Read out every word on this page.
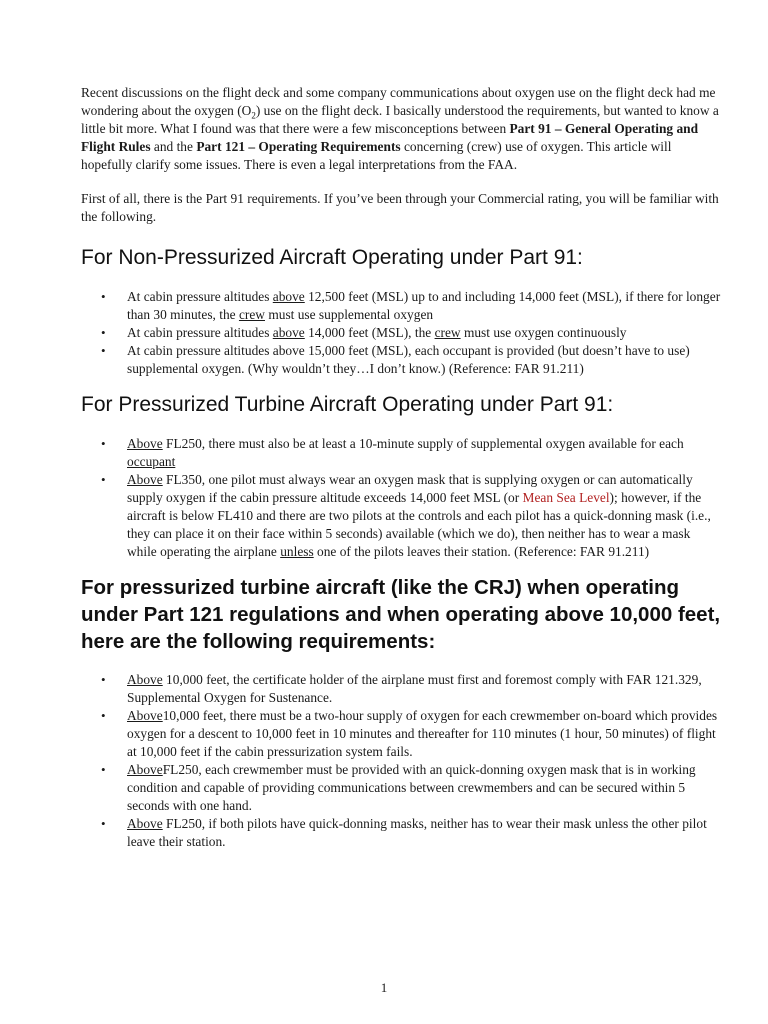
Recent discussions on the flight deck and some company communications about oxygen use on the flight deck had me wondering about the oxygen $(O_2)$ use on the flight deck. I basically understood the requirements, but wanted to know a little bit more. What I found was that there were a few misconceptions between Part 91 – General Operating and Flight Rules and the Part 121 – Operating Requirements concerning (crew) use of oxygen. This article will hopefully clarify some issues. There is even a legal interpretations from the FAA.

First of all, there is the Part 91 requirements. If you’ve been through your Commercial rating, you will be familiar with the following.

For Non-Pressurized Aircraft Operating under Part 91:
• At cabin pressure altitudes above 12,500 feet (MSL) up to and including 14,000 feet (MSL), if there for longer than 30 minutes, the crew must use supplemental oxygen
• At cabin pressure altitudes above 14,000 feet (MSL), the crew must use oxygen continuously
• At cabin pressure altitudes above 15,000 feet (MSL), each occupant is provided (but doesn’t have to use) supplemental oxygen. (Why wouldn’t they…I don’t know.) (Reference: FAR 91.211)
For Pressurized Turbine Aircraft Operating under Part 91:
• Above FL250, there must also be at least a 10-minute supply of supplemental oxygen available for each occupant
• Above FL350, one pilot must always wear an oxygen mask that is supplying oxygen or can automatically supply oxygen if the cabin pressure altitude exceeds 14,000 feet MSL (or Mean Sea Level); however, if the aircraft is below FL410 and there are two pilots at the controls and each pilot has a quick-donning mask (i.e., they can place it on their face within 5 seconds) available (which we do), then neither has to wear a mask while operating the airplane unless one of the pilots leaves their station. (Reference: FAR 91.211)
For pressurized turbine aircraft (like the CRJ) when operating under Part 121 regulations and when operating above 10,000 feet, here are the following requirements:
• Above 10,000 feet, the certificate holder of the airplane must first and foremost comply with FAR 121.329, Supplemental Oxygen for Sustenance.
• Above10,000 feet, there must be a two-hour supply of oxygen for each crewmember on-board which provides oxygen for a descent to 10,000 feet in 10 minutes and thereafter for 110 minutes (1 hour, 50 minutes) of flight at 10,000 feet if the cabin pressurization system fails.
• AboveFL250, each crewmember must be provided with an quick-donning oxygen mask that is in working condition and capable of providing communications between crewmembers and can be secured within 5 seconds with one hand.
• Above FL250, if both pilots have quick-donning masks, neither has to wear their mask unless the other pilot leave their station.
1
